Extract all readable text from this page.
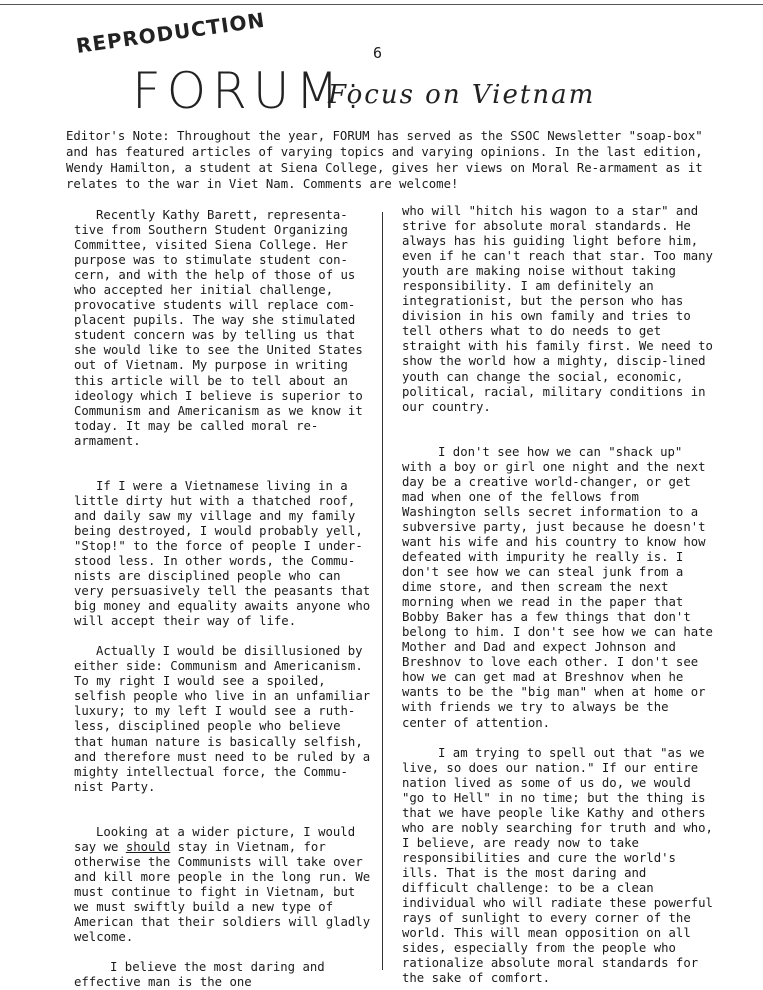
REPRODUCTION	6
FORUM:
Focus on Vietnam

Editor's Note: Throughout the year, FORUM has served as the SSOC Newsletter "soap-box" and has featured articles of varying topics and varying opinions. In the last edition, Wendy Hamilton, a student at Siena College, gives her views on Moral Re-armament as it relates to the war in Viet Nam. Comments are welcome!

Recently Kathy Barett, representa-tive from Southern Student Organizing Committee, visited Siena College. Her purpose was to stimulate student con-cern, and with the help of those of us who accepted her initial challenge, provocative students will replace com-placent pupils. The way she stimulated student concern was by telling us that she would like to see the United States out of Vietnam. My purpose in writing this article will be to tell about an ideology which I believe is superior to Communism and Americanism as we know it today. It may be called moral re-armament.

If I were a Vietnamese living in a little dirty hut with a thatched roof, and daily saw my village and my family being destroyed, I would probably yell, "Stop!" to the force of people I under-stood less. In other words, the Commu-nists are disciplined people who can very persuasively tell the peasants that big money and equality awaits anyone who will accept their way of life.

Actually I would be disillusioned by either side: Communism and Americanism. To my right I would see a spoiled, selfish people who live in an unfamiliar luxury; to my left I would see a ruth-less, disciplined people who believe that human nature is basically selfish, and therefore must need to be ruled by a mighty intellectual force, the Commu-nist Party.

Looking at a wider picture, I would say we should stay in Vietnam, for otherwise the Communists will take over and kill more people in the long run. We must continue to fight in Vietnam, but we must swiftly build a new type of American that their soldiers will gladly welcome.

I believe the most daring and effective man is the one

who will "hitch his wagon to a star" and strive for absolute moral standards. He always has his guiding light before him, even if he can't reach that star. Too many youth are making noise without taking responsibility. I am definitely an integrationist, but the person who has division in his own family and tries to tell others what to do needs to get straight with his family first. We need to show the world how a mighty, discip-lined youth can change the social, economic, political, racial, military conditions in our country.

I don't see how we can "shack up" with a boy or girl one night and the next day be a creative world-changer, or get mad when one of the fellows from Washington sells secret information to a subversive party, just because he doesn't want his wife and his country to know how defeated with impurity he really is. I don't see how we can steal junk from a dime store, and then scream the next morning when we read in the paper that Bobby Baker has a few things that don't belong to him. I don't see how we can hate Mother and Dad and expect Johnson and Breshnov to love each other. I don't see how we can get mad at Breshnov when he wants to be the "big man" when at home or with friends we try to always be the center of attention.

I am trying to spell out that "as we live, so does our nation." If our entire nation lived as some of us do, we would "go to Hell" in no time; but the thing is that we have people like Kathy and others who are nobly searching for truth and who, I believe, are ready now to take responsibilities and cure the world's ills. That is the most daring and difficult challenge: to be a clean individual who will radiate these powerful rays of sunlight to every corner of the world. This will mean opposition on all sides, especially from the people who rationalize absolute moral standards for the sake of comfort.
